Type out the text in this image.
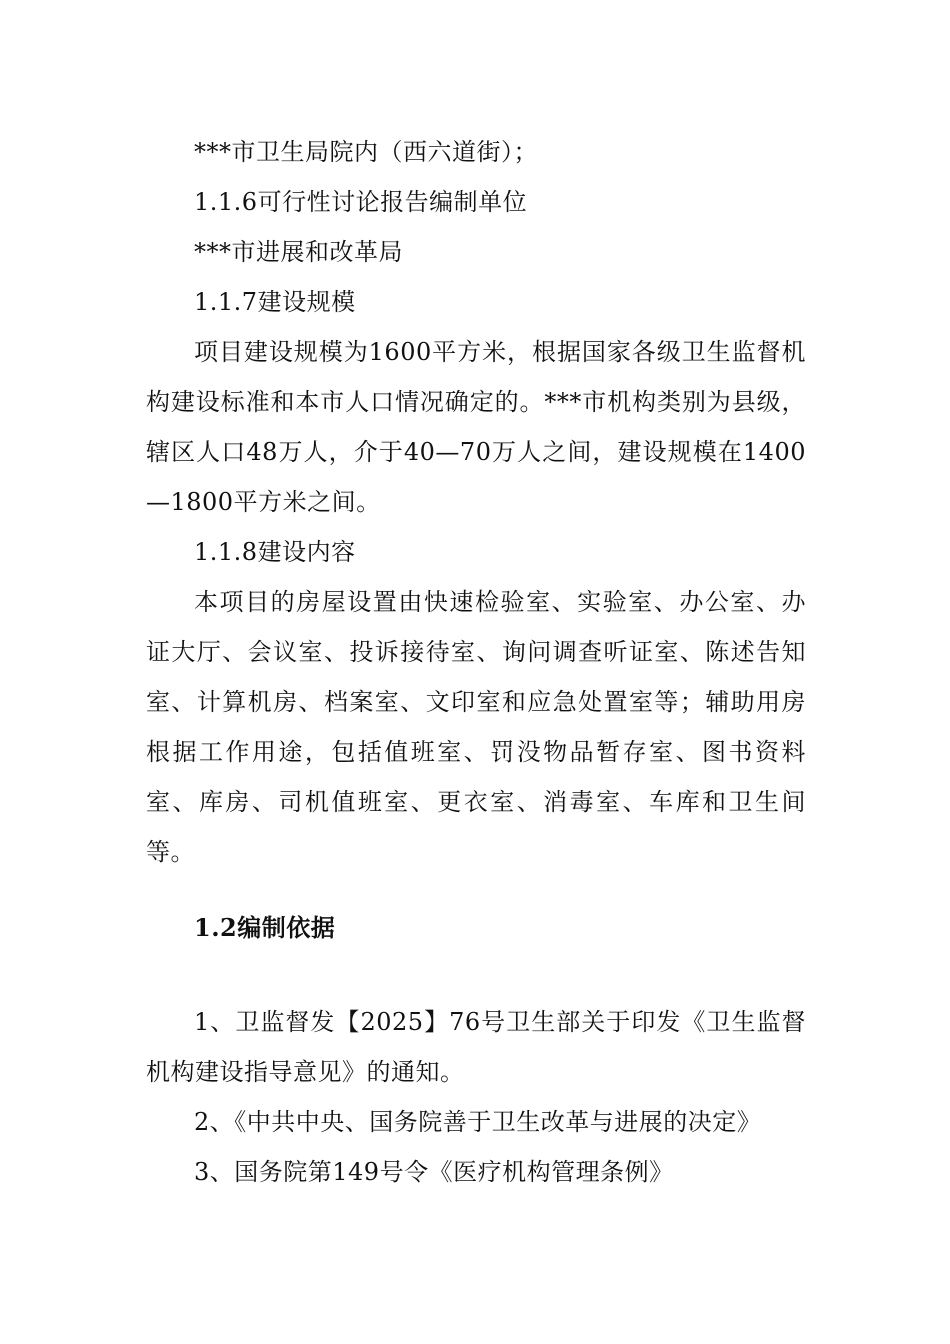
***市卫生局院内（西六道街）；
1.1.6可行性讨论报告编制单位
***市进展和改革局
1.1.7建设规模

项目建设规模为1600平方米，根据国家各级卫生监督机构建设标准和本市人口情况确定的。***市机构类别为县级，辖区人口48万人，介于40—70万人之间，建设规模在1400—1800平方米之间。

1.1.8建设内容

本项目的房屋设置由快速检验室、实验室、办公室、办证大厅、会议室、投诉接待室、询问调查听证室、陈述告知室、计算机房、档案室、文印室和应急处置室等；辅助用房根据工作用途，包括值班室、罚没物品暂存室、图书资料室、库房、司机值班室、更衣室、消毒室、车库和卫生间等。

1.2编制依据

1、卫监督发【2025】76号卫生部关于印发《卫生监督机构建设指导意见》的通知。

2、《中共中央、国务院善于卫生改革与进展的决定》
3、国务院第149号令《医疗机构管理条例》
